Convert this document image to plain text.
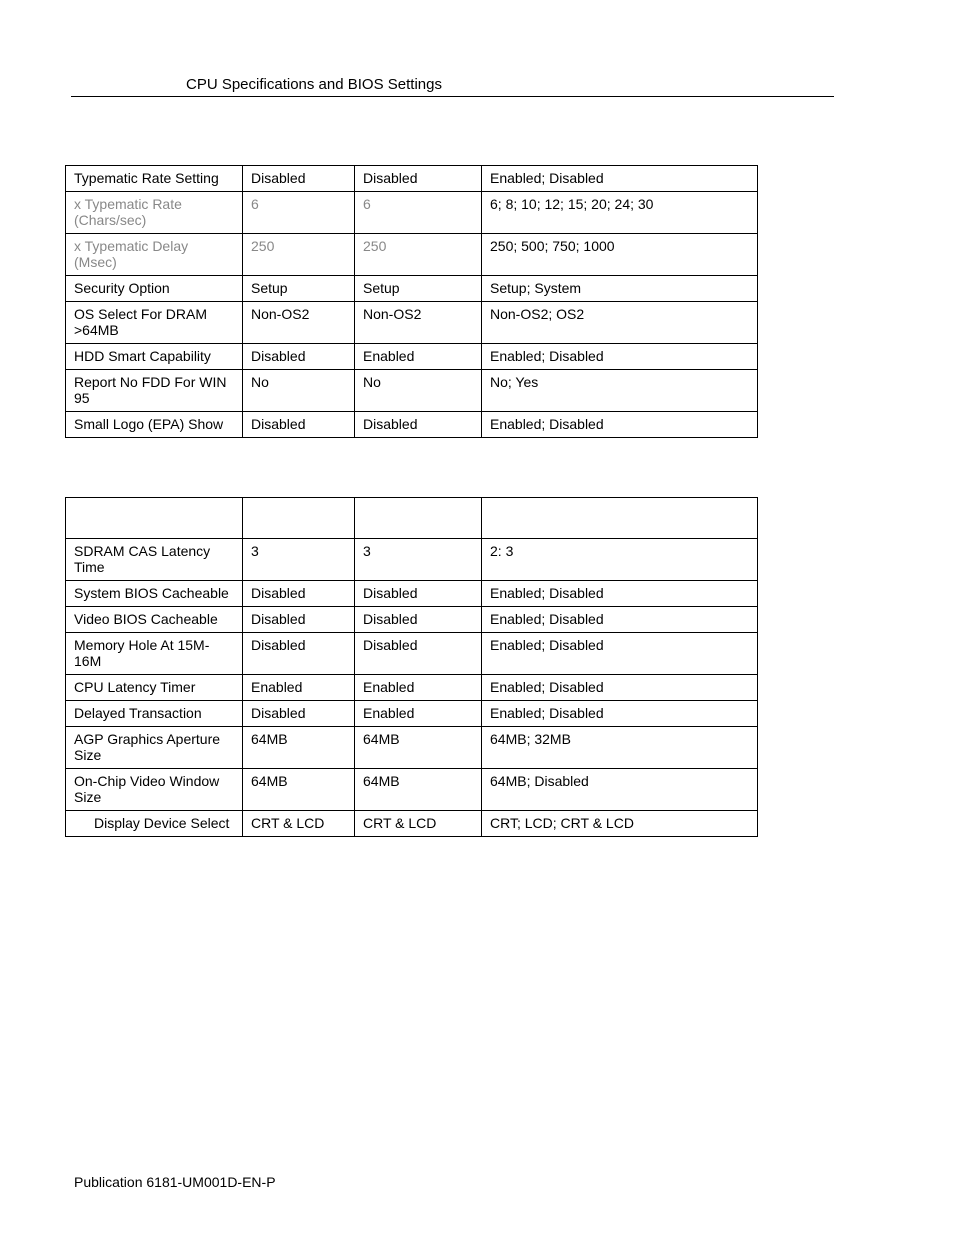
CPU Specifications and BIOS Settings
Typematic Rate Setting	Disabled	Disabled	Enabled; Disabled
x Typematic Rate (Chars/sec)	6	6	6; 8; 10; 12; 15; 20; 24; 30
x Typematic Delay (Msec)	250	250	250; 500; 750; 1000
Security Option	Setup	Setup	Setup; System
OS Select For DRAM >64MB	Non-OS2	Non-OS2	Non-OS2; OS2
HDD Smart Capability	Disabled	Enabled	Enabled; Disabled
Report No FDD For WIN 95	No	No	No; Yes
Small Logo (EPA) Show	Disabled	Disabled	Enabled; Disabled

SDRAM CAS Latency Time	3	3	2: 3
System BIOS Cacheable	Disabled	Disabled	Enabled; Disabled
Video BIOS Cacheable	Disabled	Disabled	Enabled; Disabled
Memory Hole At 15M-16M	Disabled	Disabled	Enabled; Disabled
CPU Latency Timer	Enabled	Enabled	Enabled; Disabled
Delayed Transaction	Disabled	Enabled	Enabled; Disabled
AGP Graphics Aperture Size	64MB	64MB	64MB; 32MB
On-Chip Video Window Size	64MB	64MB	64MB; Disabled
Display Device Select	CRT & LCD	CRT & LCD	CRT; LCD; CRT & LCD
Publication 6181-UM001D-EN-P
